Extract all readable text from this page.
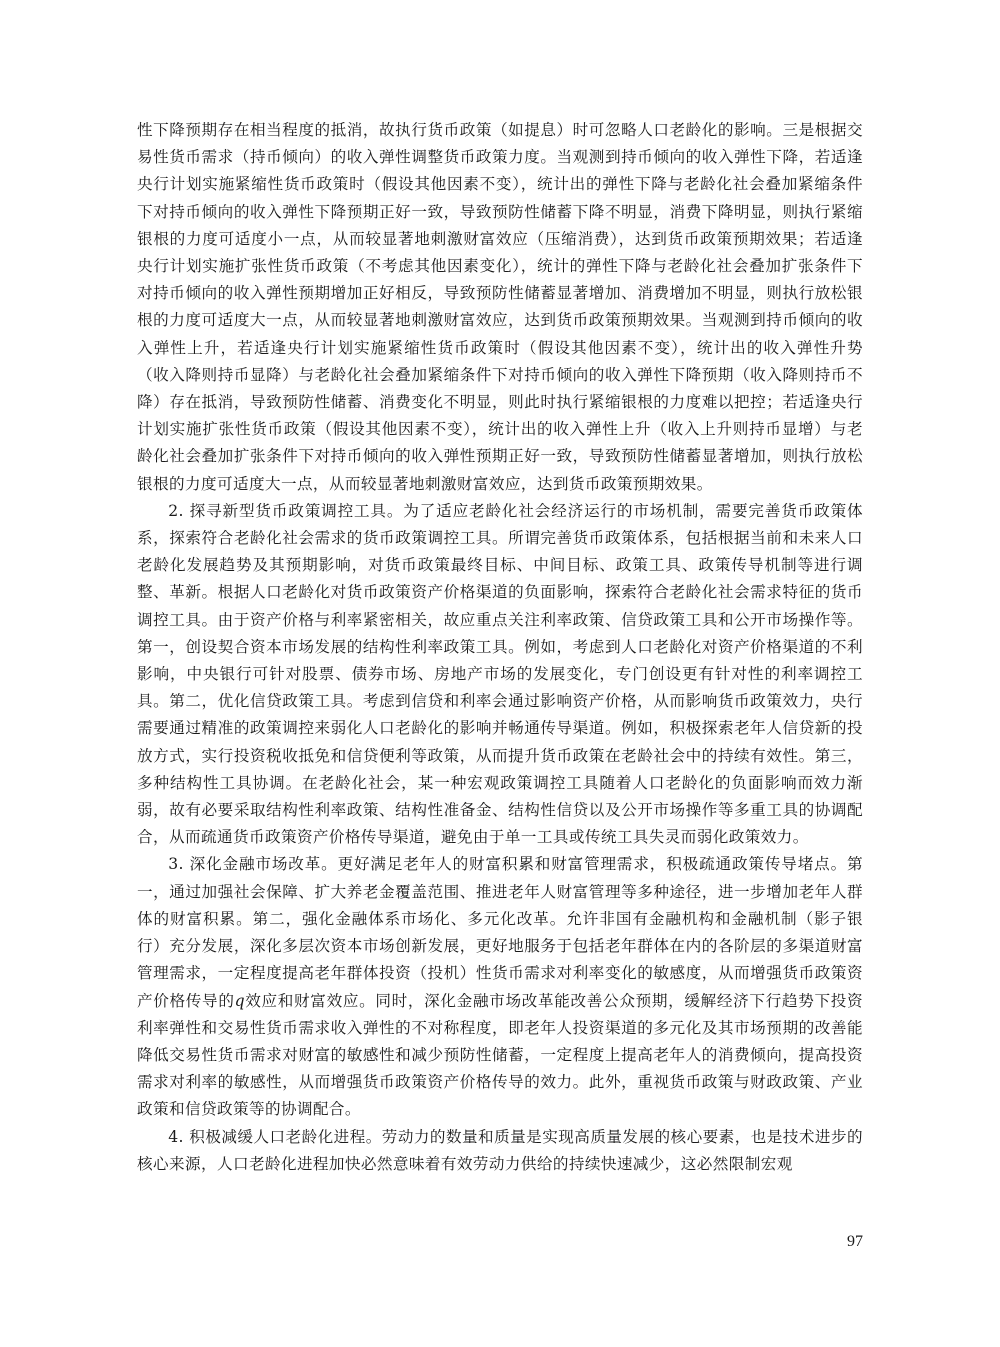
性下降预期存在相当程度的抵消，故执行货币政策（如提息）时可忽略人口老龄化的影响。三是根据交易性货币需求（持币倾向）的收入弹性调整货币政策力度。当观测到持币倾向的收入弹性下降，若适逢央行计划实施紧缩性货币政策时（假设其他因素不变），统计出的弹性下降与老龄化社会叠加紧缩条件下对持币倾向的收入弹性下降预期正好一致，导致预防性储蓄下降不明显，消费下降明显，则执行紧缩银根的力度可适度小一点，从而较显著地刺激财富效应（压缩消费），达到货币政策预期效果；若适逢央行计划实施扩张性货币政策（不考虑其他因素变化），统计的弹性下降与老龄化社会叠加扩张条件下对持币倾向的收入弹性预期增加正好相反，导致预防性储蓄显著增加、消费增加不明显，则执行放松银根的力度可适度大一点，从而较显著地刺激财富效应，达到货币政策预期效果。当观测到持币倾向的收入弹性上升，若适逢央行计划实施紧缩性货币政策时（假设其他因素不变），统计出的收入弹性升势（收入降则持币显降）与老龄化社会叠加紧缩条件下对持币倾向的收入弹性下降预期（收入降则持币不降）存在抵消，导致预防性储蓄、消费变化不明显，则此时执行紧缩银根的力度难以把控；若适逢央行计划实施扩张性货币政策（假设其他因素不变），统计出的收入弹性上升（收入上升则持币显增）与老龄化社会叠加扩张条件下对持币倾向的收入弹性预期正好一致，导致预防性储蓄显著增加，则执行放松银根的力度可适度大一点，从而较显著地刺激财富效应，达到货币政策预期效果。

2. 探寻新型货币政策调控工具。为了适应老龄化社会经济运行的市场机制，需要完善货币政策体系，探索符合老龄化社会需求的货币政策调控工具。所谓完善货币政策体系，包括根据当前和未来人口老龄化发展趋势及其预期影响，对货币政策最终目标、中间目标、政策工具、政策传导机制等进行调整、革新。根据人口老龄化对货币政策资产价格渠道的负面影响，探索符合老龄化社会需求特征的货币调控工具。由于资产价格与利率紧密相关，故应重点关注利率政策、信贷政策工具和公开市场操作等。第一，创设契合资本市场发展的结构性利率政策工具。例如，考虑到人口老龄化对资产价格渠道的不利影响，中央银行可针对股票、债券市场、房地产市场的发展变化，专门创设更有针对性的利率调控工具。第二，优化信贷政策工具。考虑到信贷和利率会通过影响资产价格，从而影响货币政策效力，央行需要通过精准的政策调控来弱化人口老龄化的影响并畅通传导渠道。例如，积极探索老年人信贷新的投放方式，实行投资税收抵免和信贷便利等政策，从而提升货币政策在老龄社会中的持续有效性。第三，多种结构性工具协调。在老龄化社会，某一种宏观政策调控工具随着人口老龄化的负面影响而效力渐弱，故有必要采取结构性利率政策、结构性准备金、结构性信贷以及公开市场操作等多重工具的协调配合，从而疏通货币政策资产价格传导渠道，避免由于单一工具或传统工具失灵而弱化政策效力。

3. 深化金融市场改革。更好满足老年人的财富积累和财富管理需求，积极疏通政策传导堵点。第一，通过加强社会保障、扩大养老金覆盖范围、推进老年人财富管理等多种途径，进一步增加老年人群体的财富积累。第二，强化金融体系市场化、多元化改革。允许非国有金融机构和金融机制（影子银行）充分发展，深化多层次资本市场创新发展，更好地服务于包括老年群体在内的各阶层的多渠道财富管理需求，一定程度提高老年群体投资（投机）性货币需求对利率变化的敏感度，从而增强货币政策资产价格传导的q效应和财富效应。同时，深化金融市场改革能改善公众预期，缓解经济下行趋势下投资利率弹性和交易性货币需求收入弹性的不对称程度，即老年人投资渠道的多元化及其市场预期的改善能降低交易性货币需求对财富的敏感性和减少预防性储蓄，一定程度上提高老年人的消费倾向，提高投资需求对利率的敏感性，从而增强货币政策资产价格传导的效力。此外，重视货币政策与财政政策、产业政策和信贷政策等的协调配合。

4. 积极减缓人口老龄化进程。劳动力的数量和质量是实现高质量发展的核心要素，也是技术进步的核心来源，人口老龄化进程加快必然意味着有效劳动力供给的持续快速减少，这必然限制宏观

97
